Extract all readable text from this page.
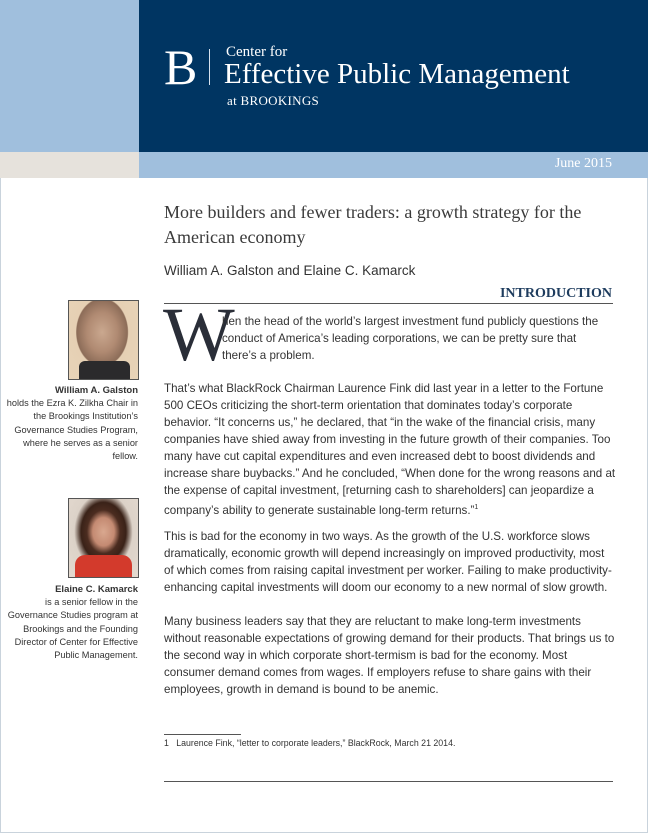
B Center for
Effective Public Management
at BROOKINGS
June 2015
More builders and fewer traders: a growth strategy for the American economy
William A. Galston and Elaine C. Kamarck
INTRODUCTION
William A. Galston
holds the Ezra K. Zilkha Chair in the Brookings Institution’s Governance Studies Program, where he serves as a senior fellow.
Elaine C. Kamarck
is a senior fellow in the Governance Studies program at Brookings and the Founding Director of Center for Effective Public Management.
W
hen the head of the world’s largest investment fund publicly questions the conduct of America’s leading corporations, we can be pretty sure that there’s a problem.
That’s what BlackRock Chairman Laurence Fink did last year in a letter to the Fortune 500 CEOs criticizing the short-term orientation that dominates today’s corporate behavior. “It concerns us,” he declared, that “in the wake of the financial crisis, many companies have shied away from investing in the future growth of their companies. Too many have cut capital expenditures and even increased debt to boost dividends and increase share buybacks.” And he concluded, “When done for the wrong reasons and at the expense of capital investment, [returning cash to shareholders] can jeopardize a company’s ability to generate sustainable long-term returns.”$^1$
This is bad for the economy in two ways. As the growth of the U.S. workforce slows dramatically, economic growth will depend increasingly on improved productivity, most of which comes from raising capital investment per worker. Failing to make productivity-enhancing capital investments will doom our economy to a new normal of slow growth.
Many business leaders say that they are reluctant to make long-term investments without reasonable expectations of growing demand for their products. That brings us to the second way in which corporate short-termism is bad for the economy. Most consumer demand comes from wages. If employers refuse to share gains with their employees, growth in demand is bound to be anemic.
1   Laurence Fink, “letter to corporate leaders,” BlackRock, March 21 2014.
